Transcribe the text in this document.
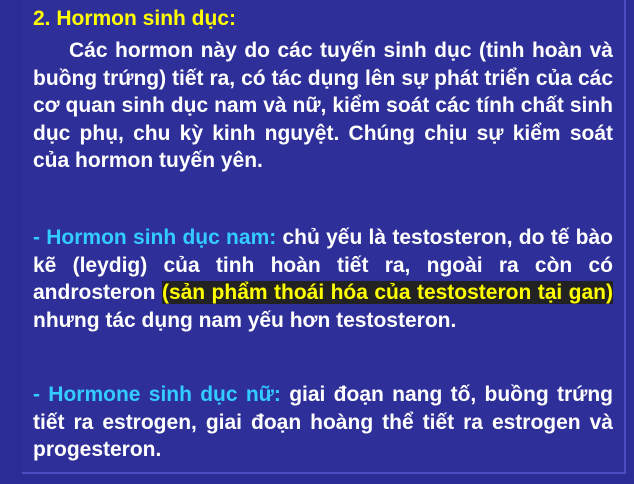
2. Hormon sinh dục:
Các hormon này do các tuyến sinh dục (tinh hoàn và buồng trứng) tiết ra, có tác dụng lên sự phát triển của các cơ quan sinh dục nam và nữ, kiểm soát các tính chất sinh dục phụ, chu kỳ kinh nguyệt. Chúng chịu sự kiểm soát của hormon tuyến yên.
- Hormon sinh dục nam: chủ yếu là testosteron, do tế bào kẽ (leydig) của tinh hoàn tiết ra, ngoài ra còn có androsteron (sản phẩm thoái hóa của testosteron tại gan) nhưng tác dụng nam yếu hơn testosteron.
- Hormone sinh dục nữ: giai đoạn nang tố, buồng trứng tiết ra estrogen, giai đoạn hoàng thể tiết ra estrogen và progesteron.
